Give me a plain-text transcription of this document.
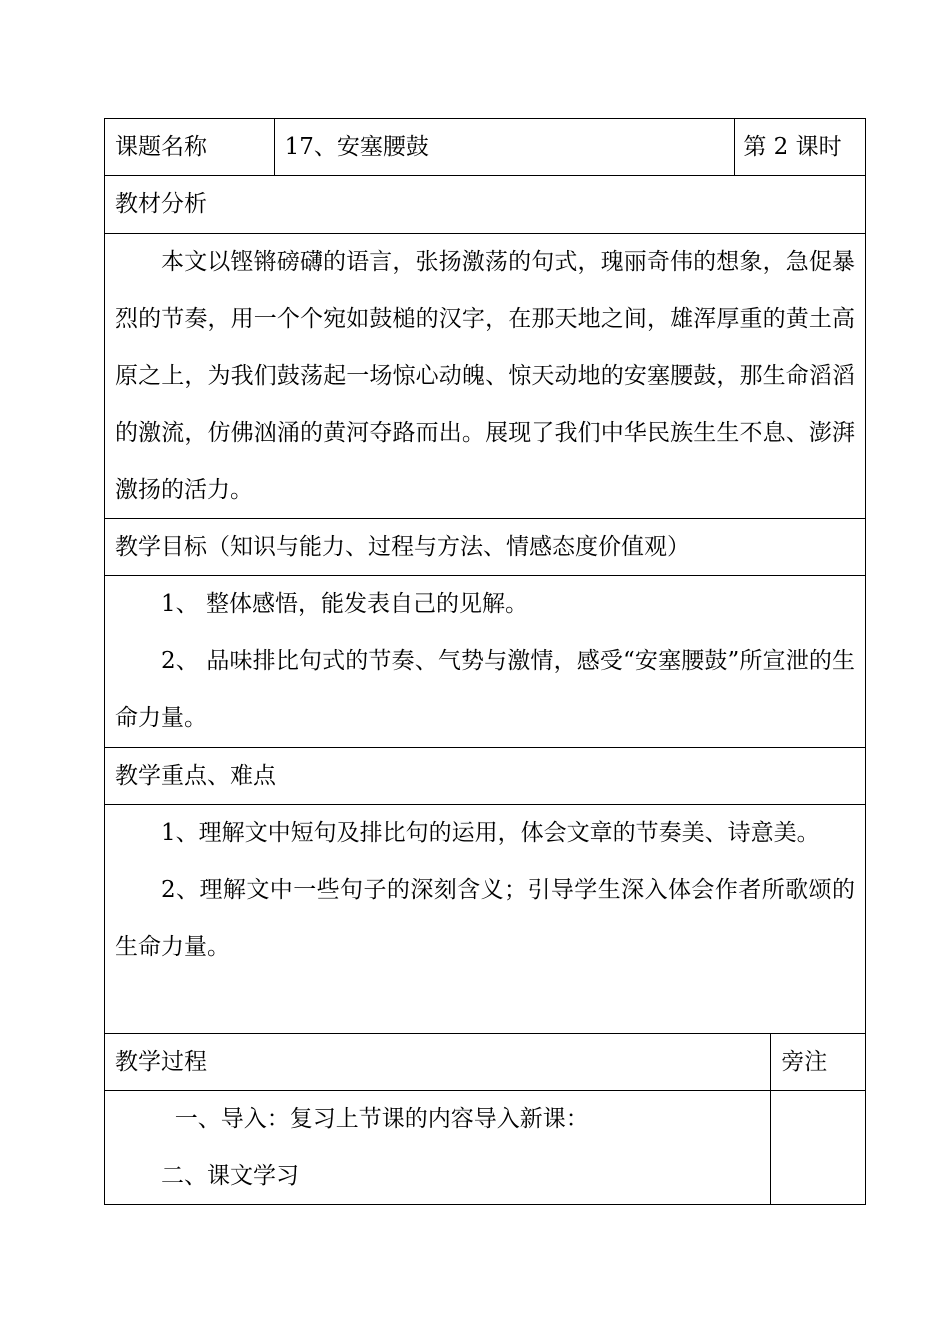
课题名称	17、安塞腰鼓	第 2 课时
教材分析

本文以铿锵磅礴的语言，张扬激荡的句式，瑰丽奇伟的想象，急促暴烈的节奏，用一个个宛如鼓槌的汉字，在那天地之间，雄浑厚重的黄土高原之上，为我们鼓荡起一场惊心动魄、惊天动地的安塞腰鼓，那生命滔滔的激流，仿佛汹涌的黄河夺路而出。展现了我们中华民族生生不息、澎湃激扬的活力。

教学目标（知识与能力、过程与方法、情感态度价值观）

1、 整体感悟，能发表自己的见解。

2、 品味排比句式的节奏、气势与激情，感受“安塞腰鼓”所宣泄的生命力量。

教学重点、难点

1、理解文中短句及排比句的运用，体会文章的节奏美、诗意美。

2、理解文中一些句子的深刻含义；引导学生深入体会作者所歌颂的生命力量。

教学过程	旁注

一、导入：复习上节课的内容导入新课：

二、课文学习
